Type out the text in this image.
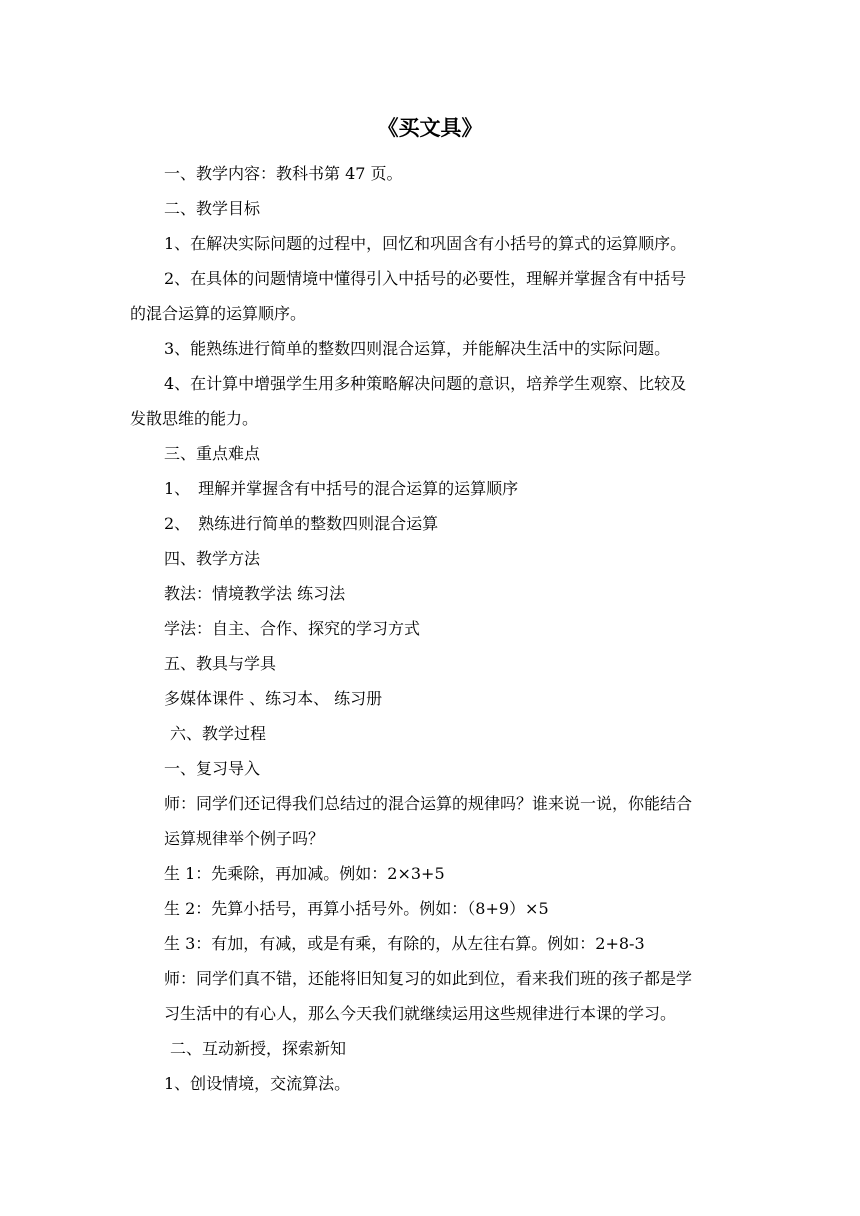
《买文具》
一、教学内容：教科书第 47 页。
二、教学目标
1、在解决实际问题的过程中，回忆和巩固含有小括号的算式的运算顺序。
2、在具体的问题情境中懂得引入中括号的必要性，理解并掌握含有中括号
的混合运算的运算顺序。
3、能熟练进行简单的整数四则混合运算，并能解决生活中的实际问题。
4、在计算中增强学生用多种策略解决问题的意识，培养学生观察、比较及
发散思维的能力。
三、重点难点
1、　理解并掌握含有中括号的混合运算的运算顺序
2、　熟练进行简单的整数四则混合运算
四、教学方法
教法：情境教学法 练习法
学法：自主、合作、探究的学习方式
五、教具与学具
多媒体课件 、练习本、 练习册
六、教学过程
一、复习导入
师：同学们还记得我们总结过的混合运算的规律吗？谁来说一说，你能结合
运算规律举个例子吗？
生 1：先乘除，再加减。例如：2×3+5
生 2：先算小括号，再算小括号外。例如：（8+9）×5
生 3：有加，有减，或是有乘，有除的，从左往右算。例如：2+8-3
师：同学们真不错，还能将旧知复习的如此到位，看来我们班的孩子都是学
习生活中的有心人，那么今天我们就继续运用这些规律进行本课的学习。
二、互动新授，探索新知
1、创设情境，交流算法。
